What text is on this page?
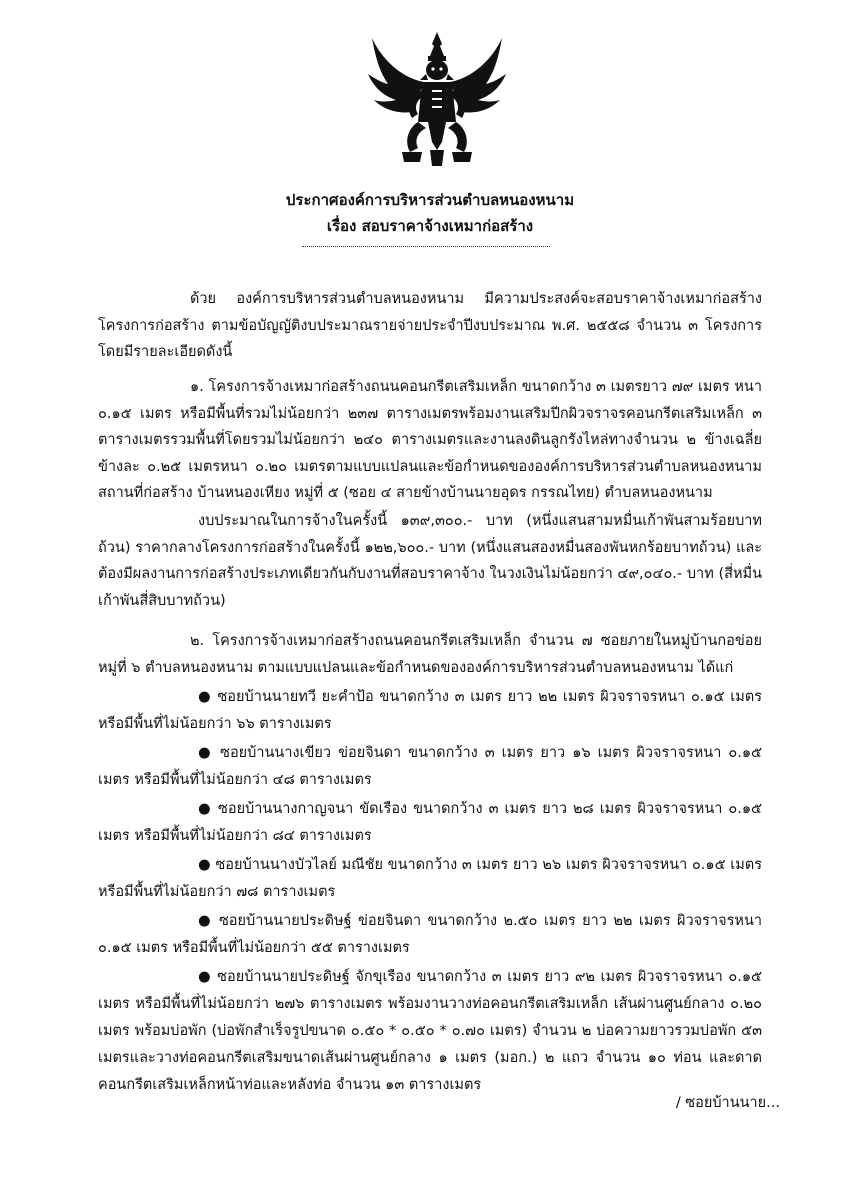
ประกาศองค์การบริหารส่วนตำบลหนองหนาม
เรื่อง สอบราคาจ้างเหมาก่อสร้าง

ด้วย องค์การบริหารส่วนตำบลหนองหนาม มีความประสงค์จะสอบราคาจ้างเหมาก่อสร้าง โครงการก่อสร้าง ตามข้อบัญญัติงบประมาณรายจ่ายประจำปีงบประมาณ พ.ศ. ๒๕๕๘ จำนวน ๓ โครงการ โดยมีรายละเอียดดังนี้

๑. โครงการจ้างเหมาก่อสร้างถนนคอนกรีตเสริมเหล็ก ขนาดกว้าง ๓ เมตรยาว ๗๙ เมตร หนา ๐.๑๕ เมตร หรือมีพื้นที่รวมไม่น้อยกว่า ๒๓๗ ตารางเมตรพร้อมงานเสริมปีกผิวจราจรคอนกรีตเสริมเหล็ก ๓ ตารางเมตรรวมพื้นที่โดยรวมไม่น้อยกว่า ๒๔๐ ตารางเมตรและงานลงดินลูกรังไหล่ทางจำนวน ๒ ข้างเฉลี่ยข้างละ ๐.๒๕ เมตรหนา ๐.๒๐ เมตรตามแบบแปลนและข้อกำหนดขององค์การบริหารส่วนตำบลหนองหนาม สถานที่ก่อสร้าง บ้านหนองเหียง หมู่ที่ ๕ (ซอย ๔ สายข้างบ้านนายอุดร กรรณไทย) ตำบลหนองหนาม

งบประมาณในการจ้างในครั้งนี้ ๑๓๙,๓๐๐.- บาท (หนึ่งแสนสามหมื่นเก้าพันสามร้อยบาทถ้วน) ราคากลางโครงการก่อสร้างในครั้งนี้ ๑๒๒,๖๐๐.- บาท (หนึ่งแสนสองหมื่นสองพันหกร้อยบาทถ้วน) และต้องมีผลงานการก่อสร้างประเภทเดียวกันกับงานที่สอบราคาจ้าง ในวงเงินไม่น้อยกว่า ๔๙,๐๔๐.- บาท (สี่หมื่นเก้าพันสี่สิบบาทถ้วน)

๒. โครงการจ้างเหมาก่อสร้างถนนคอนกรีตเสริมเหล็ก จำนวน ๗ ซอยภายในหมู่บ้านกอข่อยหมู่ที่ ๖ ตำบลหนองหนาม ตามแบบแปลนและข้อกำหนดขององค์การบริหารส่วนตำบลหนองหนาม ได้แก่

● ซอยบ้านนายทวี ยะคำป้อ ขนาดกว้าง ๓ เมตร ยาว ๒๒ เมตร ผิวจราจรหนา ๐.๑๕ เมตร หรือมีพื้นที่ไม่น้อยกว่า ๖๖ ตารางเมตร

● ซอยบ้านนางเขียว ข่อยจินดา ขนาดกว้าง ๓ เมตร ยาว ๑๖ เมตร ผิวจราจรหนา ๐.๑๕ เมตร หรือมีพื้นที่ไม่น้อยกว่า ๔๘ ตารางเมตร

● ซอยบ้านนางกาญจนา ขัดเรือง ขนาดกว้าง ๓ เมตร ยาว ๒๘ เมตร ผิวจราจรหนา ๐.๑๕ เมตร หรือมีพื้นที่ไม่น้อยกว่า ๘๔ ตารางเมตร

● ซอยบ้านนางบัวไลย์ มณีชัย ขนาดกว้าง ๓ เมตร ยาว ๒๖ เมตร ผิวจราจรหนา ๐.๑๕ เมตร หรือมีพื้นที่ไม่น้อยกว่า ๗๘ ตารางเมตร

● ซอยบ้านนายประดิษฐ์ ข่อยจินดา ขนาดกว้าง ๒.๕๐ เมตร ยาว ๒๒ เมตร ผิวจราจรหนา ๐.๑๕ เมตร หรือมีพื้นที่ไม่น้อยกว่า ๕๕ ตารางเมตร

● ซอยบ้านนายประดิษฐ์ จักขุเรือง ขนาดกว้าง ๓ เมตร ยาว ๙๒ เมตร ผิวจราจรหนา ๐.๑๕ เมตร หรือมีพื้นที่ไม่น้อยกว่า ๒๗๖ ตารางเมตร พร้อมงานวางท่อคอนกรีตเสริมเหล็ก เส้นผ่านศูนย์กลาง ๐.๒๐ เมตร พร้อมบ่อพัก (บ่อพักสำเร็จรูปขนาด ๐.๕๐ * ๐.๕๐ * ๐.๗๐ เมตร) จำนวน ๒ บ่อความยาวรวมบ่อพัก ๕๓ เมตรและวางท่อคอนกรีตเสริมขนาดเส้นผ่านศูนย์กลาง ๑ เมตร (มอก.) ๒ แถว จำนวน ๑๐ ท่อน และดาดคอนกรีตเสริมเหล็กหน้าท่อและหลังท่อ จำนวน ๑๓ ตารางเมตร

/ ซอยบ้านนาย...
